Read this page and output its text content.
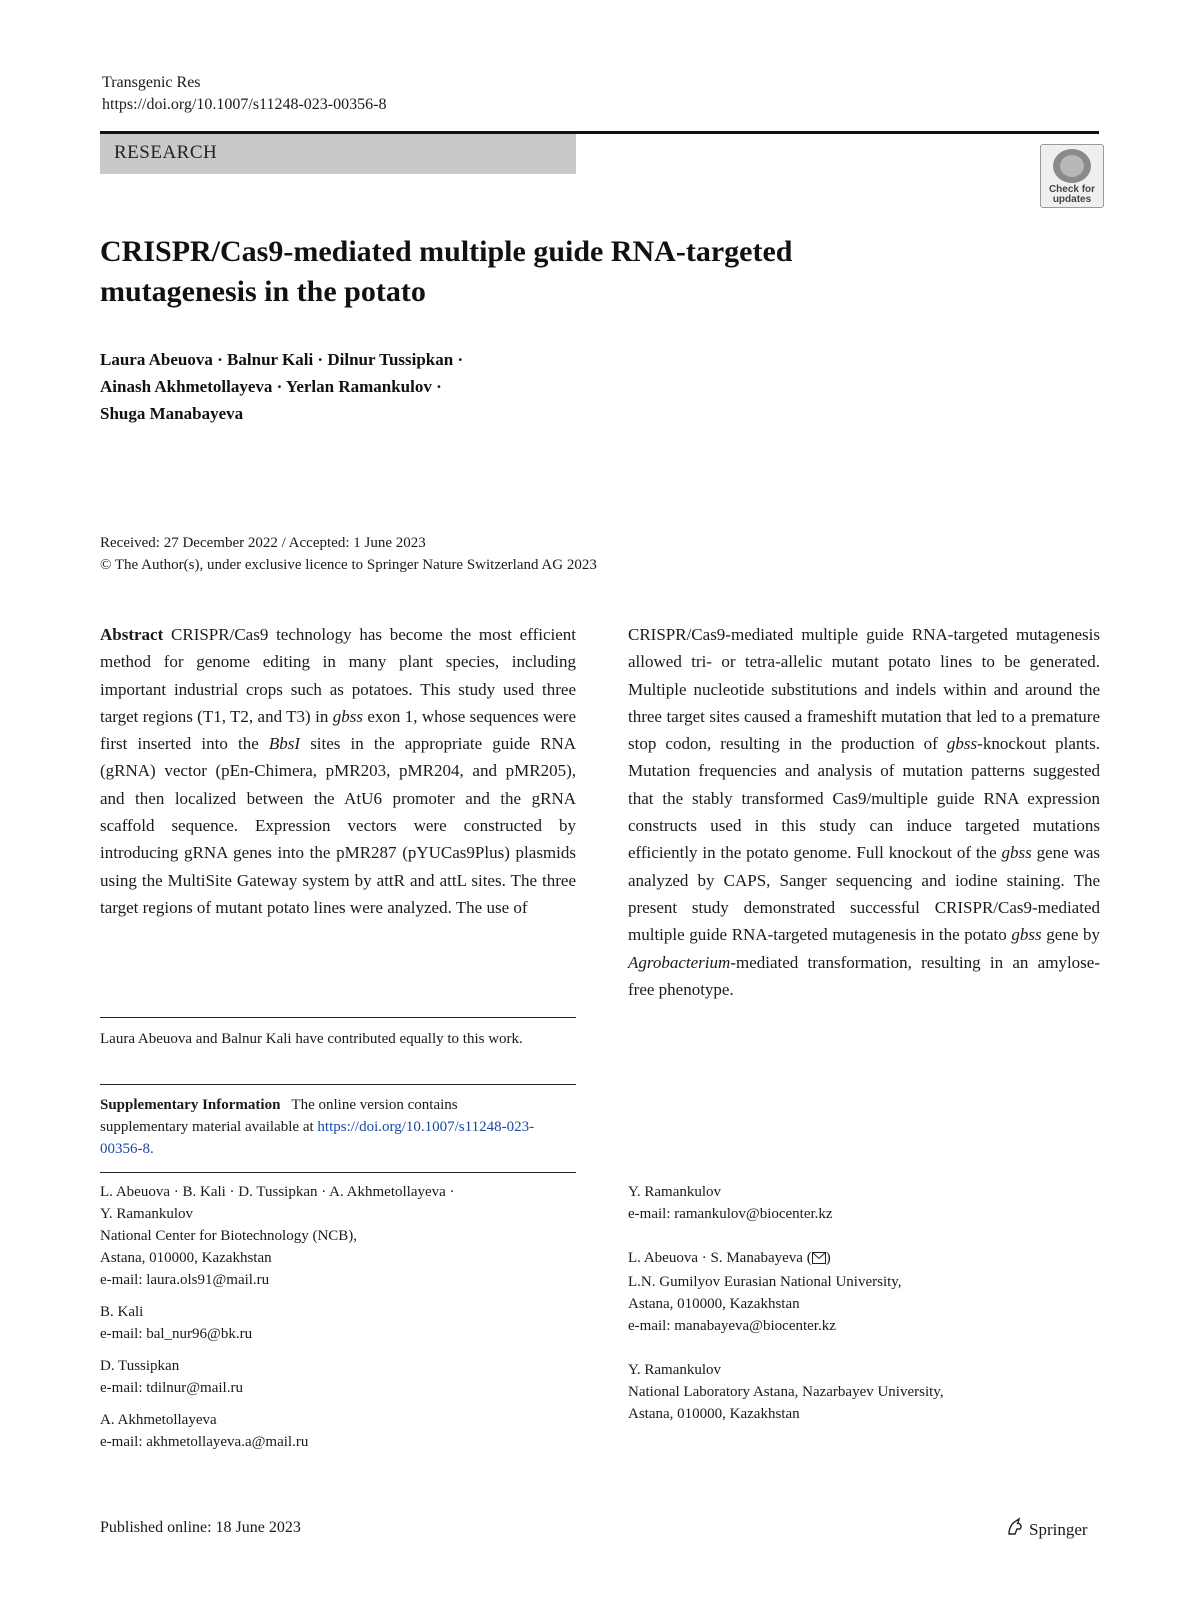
Transgenic Res
https://doi.org/10.1007/s11248-023-00356-8
RESEARCH
Check for updates
CRISPR/Cas9-mediated multiple guide RNA-targeted
mutagenesis in the potato
Laura Abeuova · Balnur Kali · Dilnur Tussipkan ·
Ainash Akhmetollayeva · Yerlan Ramankulov ·
Shuga Manabayeva
Received: 27 December 2022 / Accepted: 1 June 2023
© The Author(s), under exclusive licence to Springer Nature Switzerland AG 2023
Abstract CRISPR/Cas9 technology has become the most efficient method for genome editing in many plant species, including important industrial crops such as potatoes. This study used three target regions (T1, T2, and T3) in gbss exon 1, whose sequences were first inserted into the BbsI sites in the appropriate guide RNA (gRNA) vector (pEn-Chimera, pMR203, pMR204, and pMR205), and then localized between the AtU6 promoter and the gRNA scaffold sequence. Expression vectors were constructed by introducing gRNA genes into the pMR287 (pYUCas9Plus) plasmids using the MultiSite Gateway system by attR and attL sites. The three target regions of mutant potato lines were analyzed. The use of
CRISPR/Cas9-mediated multiple guide RNA-targeted mutagenesis allowed tri- or tetra-allelic mutant potato lines to be generated. Multiple nucleotide substitutions and indels within and around the three target sites caused a frameshift mutation that led to a premature stop codon, resulting in the production of gbss-knockout plants. Mutation frequencies and analysis of mutation patterns suggested that the stably transformed Cas9/multiple guide RNA expression constructs used in this study can induce targeted mutations efficiently in the potato genome. Full knockout of the gbss gene was analyzed by CAPS, Sanger sequencing and iodine staining. The present study demonstrated successful CRISPR/Cas9-mediated multiple guide RNA-targeted mutagenesis in the potato gbss gene by Agrobacterium-mediated transformation, resulting in an amylose-free phenotype.
Laura Abeuova and Balnur Kali have contributed equally to this work.
Supplementary Information The online version contains supplementary material available at https://doi.org/10.1007/s11248-023-00356-8.
L. Abeuova · B. Kali · D. Tussipkan · A. Akhmetollayeva ·
Y. Ramankulov
National Center for Biotechnology (NCB),
Astana, 010000, Kazakhstan
e-mail: laura.ols91@mail.ru
B. Kali
e-mail: bal_nur96@bk.ru
D. Tussipkan
e-mail: tdilnur@mail.ru
A. Akhmetollayeva
e-mail: akhmetollayeva.a@mail.ru
Y. Ramankulov
e-mail: ramankulov@biocenter.kz
L. Abeuova · S. Manabayeva ( )
L.N. Gumilyov Eurasian National University,
Astana, 010000, Kazakhstan
e-mail: manabayeva@biocenter.kz
Y. Ramankulov
National Laboratory Astana, Nazarbayev University,
Astana, 010000, Kazakhstan
Published online: 18 June 2023	Springer
